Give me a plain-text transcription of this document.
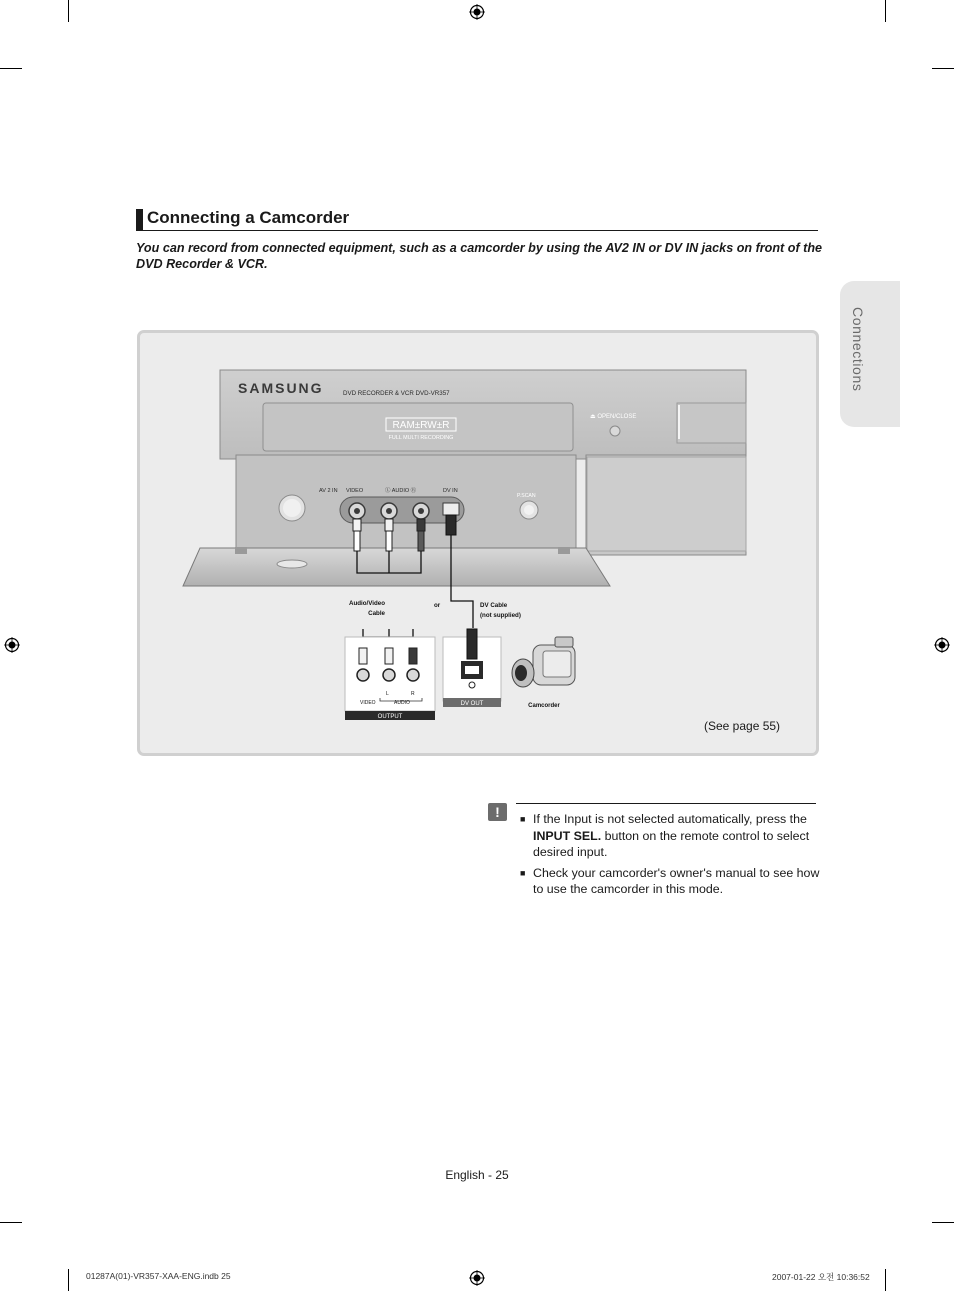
Connections
Connecting a Camcorder
You can record from connected equipment, such as a camcorder by using the AV2 IN or DV IN jacks on front of the DVD Recorder & VCR.
SAMSUNG	DVD RECORDER & VCR DVD-VR357
RAM±RW±R
FULL MULTI RECORDING
⏏ OPEN/CLOSE
AV 2 IN VIDEO	Ⓛ AUDIO Ⓡ	DV IN
P.SCAN
Audio/Video
Cable
or	DV Cable
(not supplied)
VIDEO
L	R
AUDIO
OUTPUT
DV OUT	Camcorder
(See page 55)
!	■ If the Input is not selected automatically, press the INPUT SEL. button on the remote control to select desired input.
■ Check your camcorder's owner's manual to see how to use the camcorder in this mode.
English - 25
01287A(01)-VR357-XAA-ENG.indb 25	2007-01-22 오전 10:36:52
